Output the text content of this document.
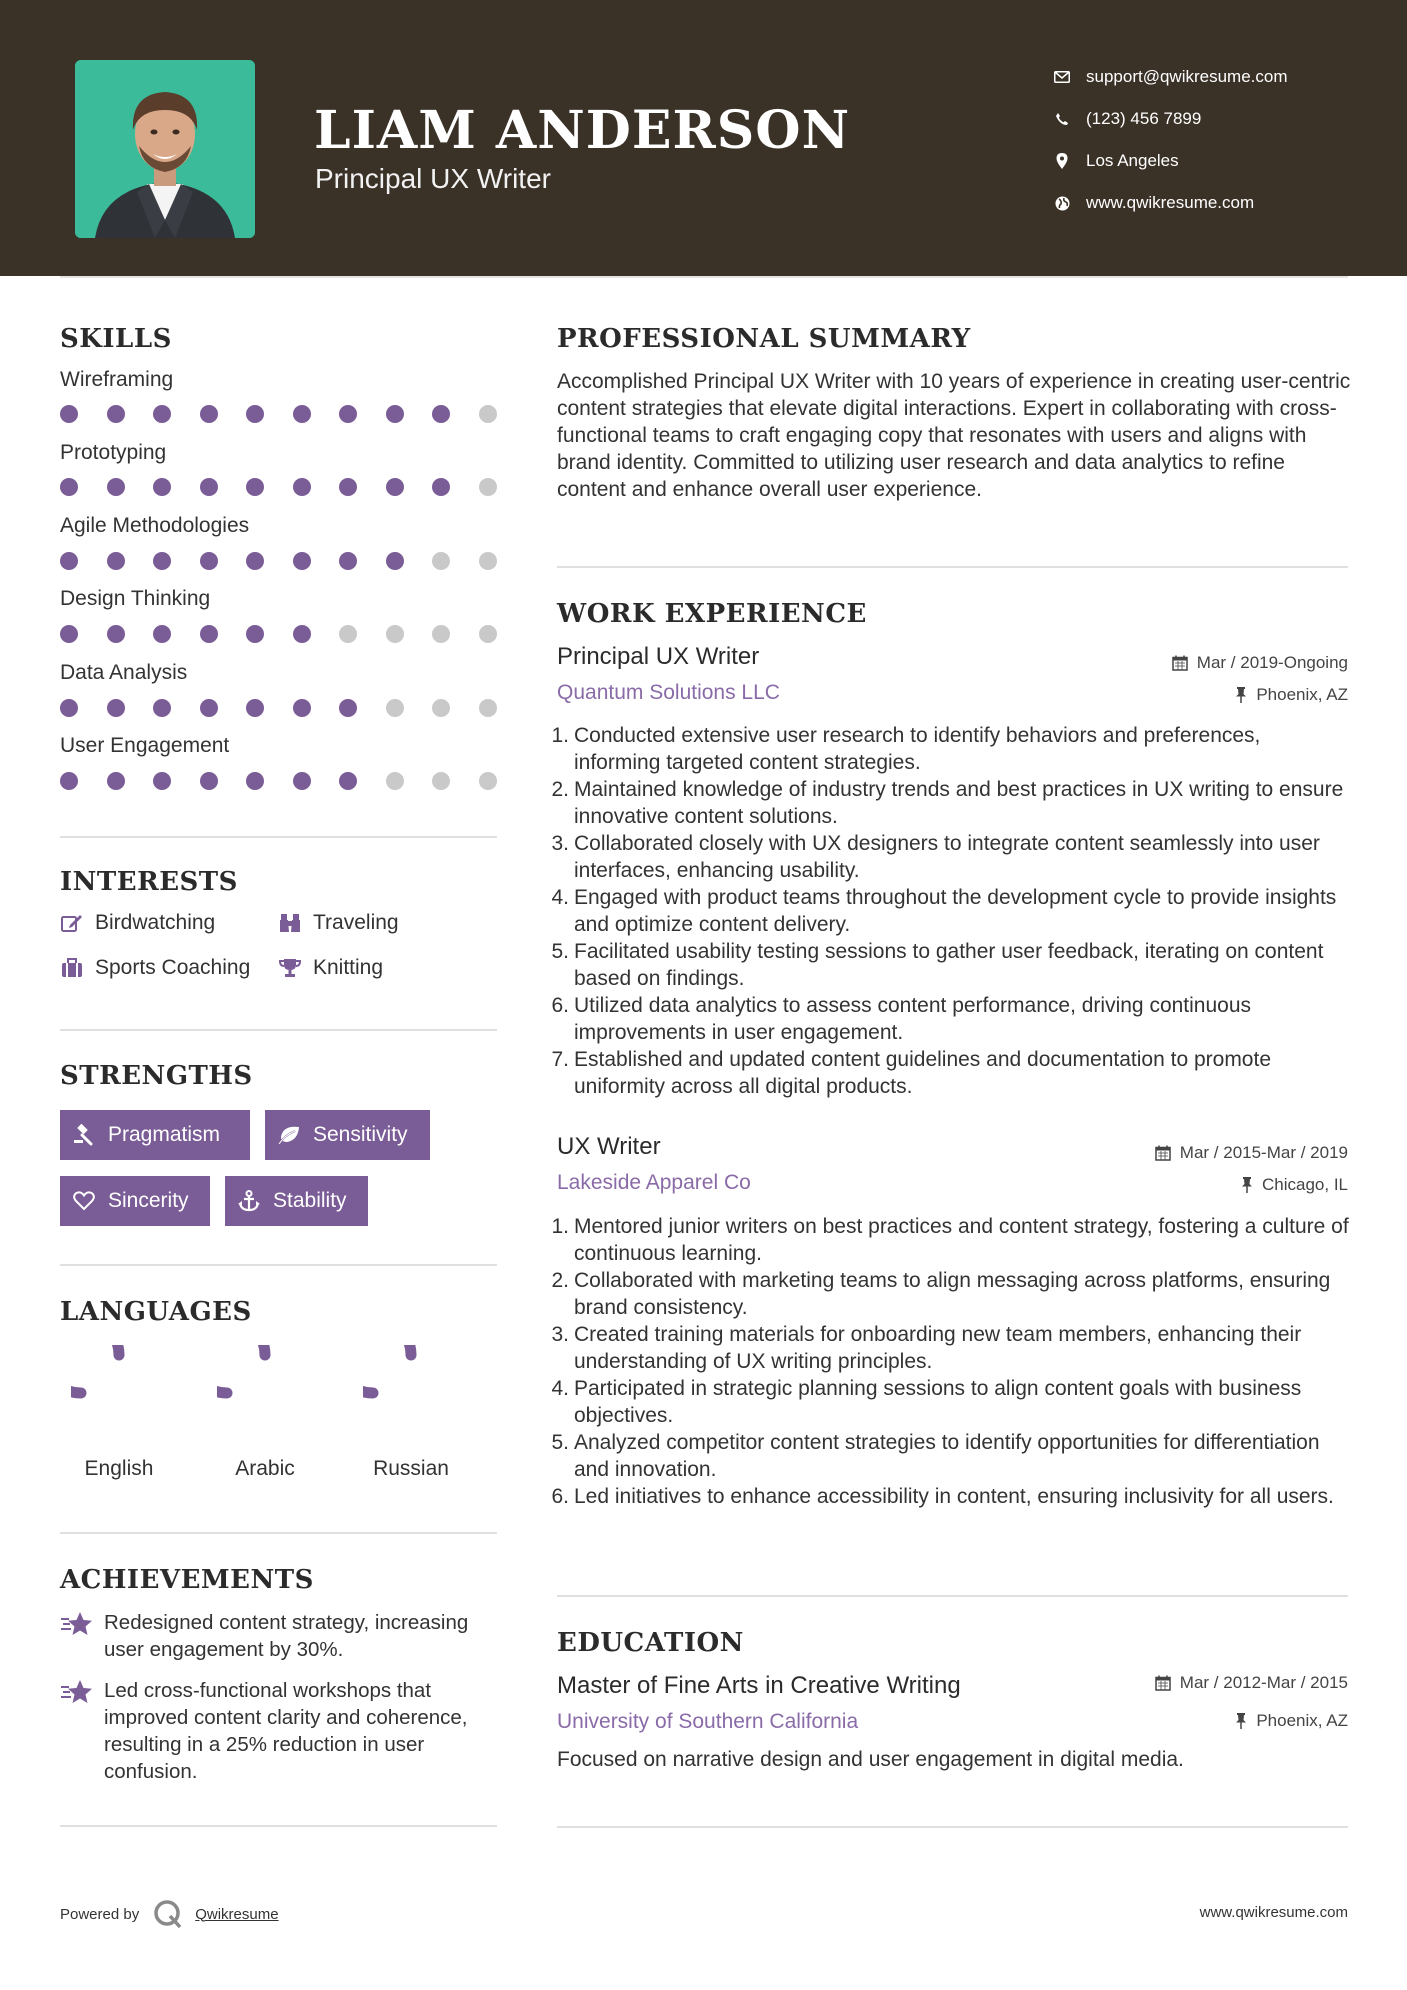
LIAM ANDERSON
Principal UX Writer
support@qwikresume.com
(123) 456 7899
Los Angeles
www.qwikresume.com
SKILLS
Wireframing
Prototyping
Agile Methodologies
Design Thinking
Data Analysis
User Engagement
INTERESTS
Birdwatching	Traveling
Sports Coaching	Knitting
STRENGTHS
Pragmatism	Sensitivity
Sincerity	Stability
LANGUAGES
English	Arabic	Russian
ACHIEVEMENTS
Redesigned content strategy, increasing user engagement by 30%.
Led cross-functional workshops that improved content clarity and coherence, resulting in a 25% reduction in user confusion.
PROFESSIONAL SUMMARY
Accomplished Principal UX Writer with 10 years of experience in creating user-centric content strategies that elevate digital interactions. Expert in collaborating with cross-functional teams to craft engaging copy that resonates with users and aligns with brand identity. Committed to utilizing user research and data analytics to refine content and enhance overall user experience.
WORK EXPERIENCE
Principal UX Writer	Mar / 2019-Ongoing
Quantum Solutions LLC	Phoenix, AZ
1. Conducted extensive user research to identify behaviors and preferences, informing targeted content strategies.
2. Maintained knowledge of industry trends and best practices in UX writing to ensure innovative content solutions.
3. Collaborated closely with UX designers to integrate content seamlessly into user interfaces, enhancing usability.
4. Engaged with product teams throughout the development cycle to provide insights and optimize content delivery.
5. Facilitated usability testing sessions to gather user feedback, iterating on content based on findings.
6. Utilized data analytics to assess content performance, driving continuous improvements in user engagement.
7. Established and updated content guidelines and documentation to promote uniformity across all digital products.
UX Writer	Mar / 2015-Mar / 2019
Lakeside Apparel Co	Chicago, IL
1. Mentored junior writers on best practices and content strategy, fostering a culture of continuous learning.
2. Collaborated with marketing teams to align messaging across platforms, ensuring brand consistency.
3. Created training materials for onboarding new team members, enhancing their understanding of UX writing principles.
4. Participated in strategic planning sessions to align content goals with business objectives.
5. Analyzed competitor content strategies to identify opportunities for differentiation and innovation.
6. Led initiatives to enhance accessibility in content, ensuring inclusivity for all users.
EDUCATION
Master of Fine Arts in Creative Writing	Mar / 2012-Mar / 2015
University of Southern California	Phoenix, AZ
Focused on narrative design and user engagement in digital media.
Powered by	Qwikresume	www.qwikresume.com
